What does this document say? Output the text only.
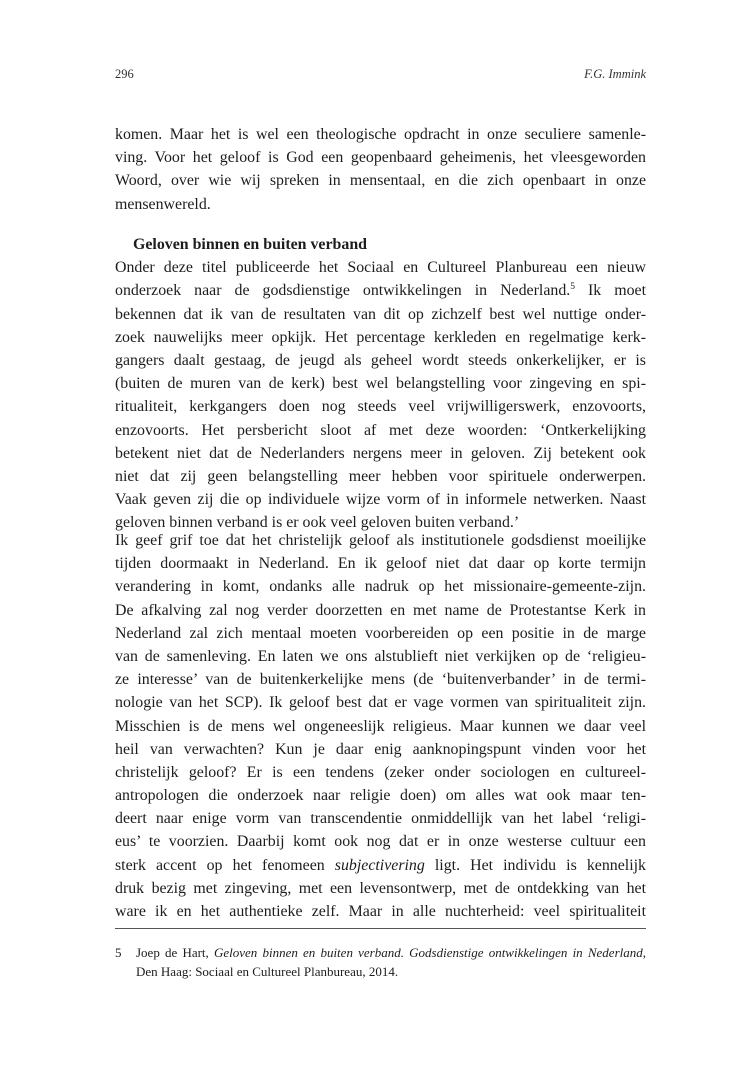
296	F.G. Immink
komen. Maar het is wel een theologische opdracht in onze seculiere samenle-
ving. Voor het geloof is God een geopenbaard geheimenis, het vleesgeworden
Woord, over wie wij spreken in mensentaal, en die zich openbaart in onze
mensenwereld.
Geloven binnen en buiten verband
Onder deze titel publiceerde het Sociaal en Cultureel Planbureau een nieuw
onderzoek naar de godsdienstige ontwikkelingen in Nederland.$^5$ Ik moet
bekennen dat ik van de resultaten van dit op zichzelf best wel nuttige onder-
zoek nauwelijks meer opkijk. Het percentage kerkleden en regelmatige kerk-
gangers daalt gestaag, de jeugd als geheel wordt steeds onkerkelijker, er is
(buiten de muren van de kerk) best wel belangstelling voor zingeving en spi-
ritualiteit, kerkgangers doen nog steeds veel vrijwilligerswerk, enzovoorts,
enzovoorts. Het persbericht sloot af met deze woorden: ‘Ontkerkelijking
betekent niet dat de Nederlanders nergens meer in geloven. Zij betekent ook
niet dat zij geen belangstelling meer hebben voor spirituele onderwerpen.
Vaak geven zij die op individuele wijze vorm of in informele netwerken. Naast
geloven binnen verband is er ook veel geloven buiten verband.’
Ik geef grif toe dat het christelijk geloof als institutionele godsdienst moeilijke
tijden doormaakt in Nederland. En ik geloof niet dat daar op korte termijn
verandering in komt, ondanks alle nadruk op het missionaire-gemeente-zijn.
De afkalving zal nog verder doorzetten en met name de Protestantse Kerk in
Nederland zal zich mentaal moeten voorbereiden op een positie in de marge
van de samenleving. En laten we ons alstublieft niet verkijken op de ‘religieu-
ze interesse’ van de buitenkerkelijke mens (de ‘buitenverbander’ in de termi-
nologie van het SCP). Ik geloof best dat er vage vormen van spiritualiteit zijn.
Misschien is de mens wel ongeneeslijk religieus. Maar kunnen we daar veel
heil van verwachten? Kun je daar enig aanknopingspunt vinden voor het
christelijk geloof? Er is een tendens (zeker onder sociologen en cultureel-
antropologen die onderzoek naar religie doen) om alles wat ook maar ten-
deert naar enige vorm van transcendentie onmiddellijk van het label ‘religi-
eus’ te voorzien. Daarbij komt ook nog dat er in onze westerse cultuur een
sterk accent op het fenomeen subjectivering ligt. Het individu is kennelijk
druk bezig met zingeving, met een levensontwerp, met de ontdekking van het
ware ik en het authentieke zelf. Maar in alle nuchterheid: veel spiritualiteit
5 Joep de Hart, Geloven binnen en buiten verband. Godsdienstige ontwikkelingen in Nederland,
Den Haag: Sociaal en Cultureel Planbureau, 2014.
